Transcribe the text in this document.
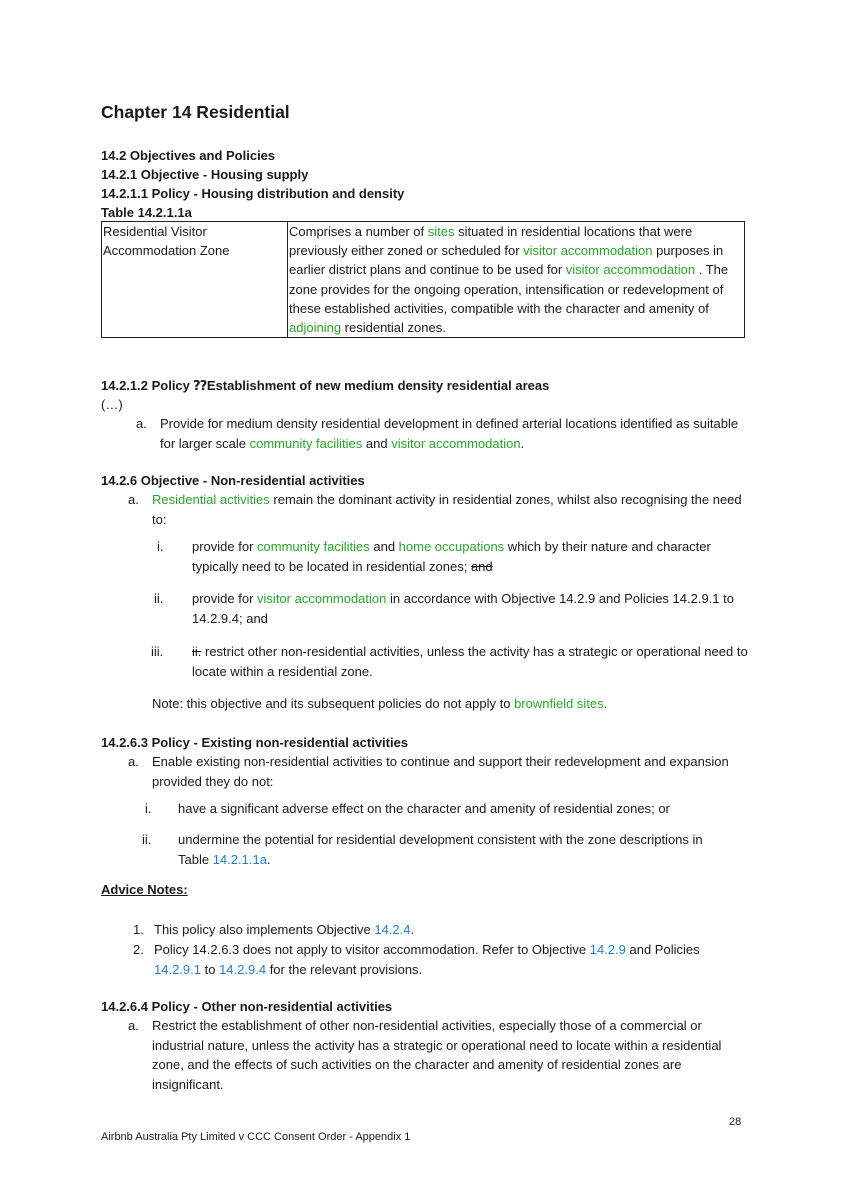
Chapter 14 Residential
14.2 Objectives and Policies
14.2.1 Objective - Housing supply
14.2.1.1 Policy - Housing distribution and density
Table 14.2.1.1a
Residential Visitor Accommodation Zone	Comprises a number of sites situated in residential locations that were previously either zoned or scheduled for visitor accommodation purposes in earlier district plans and continue to be used for visitor accommodation . The zone provides for the ongoing operation, intensification or redevelopment of these established activities, compatible with the character and amenity of adjoining residential zones.
14.2.1.2 Policy ⁇Establishment of new medium density residential areas
(…)
a. Provide for medium density residential development in defined arterial locations identified as suitable for larger scale community facilities and visitor accommodation.
14.2.6 Objective - Non-residential activities
a. Residential activities remain the dominant activity in residential zones, whilst also recognising the need to:
i. provide for community facilities and home occupations which by their nature and character typically need to be located in residential zones; and
ii. provide for visitor accommodation in accordance with Objective 14.2.9 and Policies 14.2.9.1 to 14.2.9.4; and
iii. ii. restrict other non-residential activities, unless the activity has a strategic or operational need to locate within a residential zone.
Note: this objective and its subsequent policies do not apply to brownfield sites.
14.2.6.3 Policy - Existing non-residential activities
a. Enable existing non-residential activities to continue and support their redevelopment and expansion provided they do not:
i. have a significant adverse effect on the character and amenity of residential zones; or
ii. undermine the potential for residential development consistent with the zone descriptions in Table 14.2.1.1a.
Advice Notes:
1. This policy also implements Objective 14.2.4.
2. Policy 14.2.6.3 does not apply to visitor accommodation. Refer to Objective 14.2.9 and Policies 14.2.9.1 to 14.2.9.4 for the relevant provisions.
14.2.6.4 Policy - Other non-residential activities
a. Restrict the establishment of other non-residential activities, especially those of a commercial or industrial nature, unless the activity has a strategic or operational need to locate within a residential zone, and the effects of such activities on the character and amenity of residential zones are insignificant.
28
Airbnb Australia Pty Limited v CCC Consent Order - Appendix 1
